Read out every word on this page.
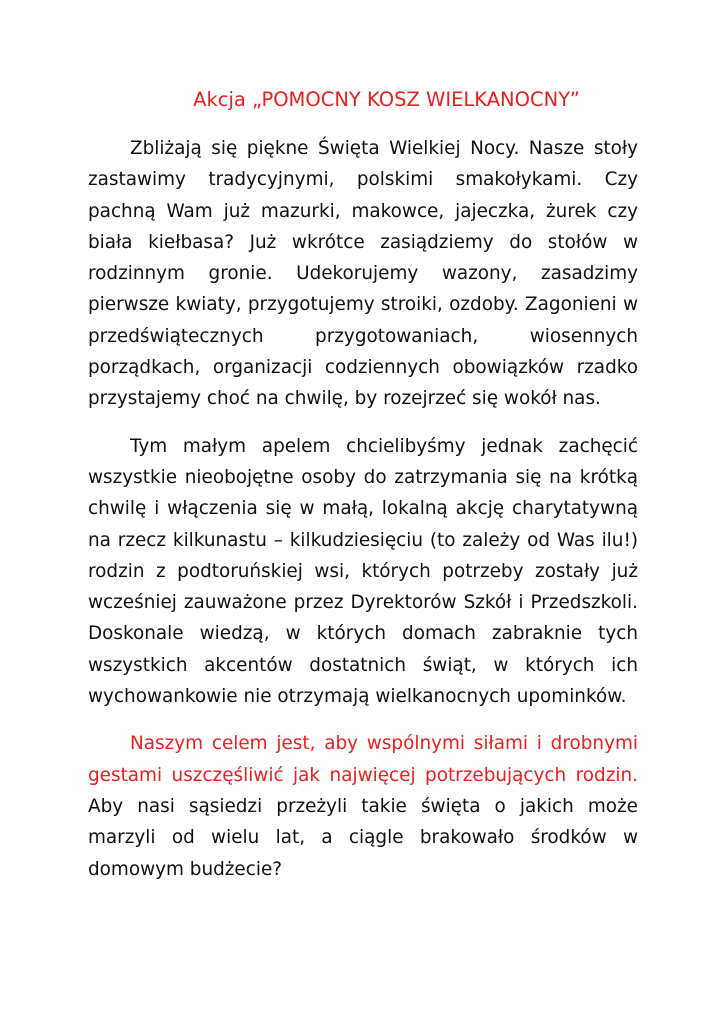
Akcja „POMOCNY KOSZ WIELKANOCNY”

Zbliżają się piękne Święta Wielkiej Nocy. Nasze stoły zastawimy tradycyjnymi, polskimi smakołykami. Czy pachną Wam już mazurki, makowce, jajeczka, żurek czy biała kiełbasa? Już wkrótce zasiądziemy do stołów w rodzinnym gronie. Udekorujemy wazony, zasadzimy pierwsze kwiaty, przygotujemy stroiki, ozdoby. Zagonieni w przedświątecznych przygotowaniach, wiosennych porządkach, organizacji codziennych obowiązków rzadko przystajemy choć na chwilę, by rozejrzeć się wokół nas.

Tym małym apelem chcielibyśmy jednak zachęcić wszystkie nieobojętne osoby do zatrzymania się na krótką chwilę i włączenia się w małą, lokalną akcję charytatywną na rzecz kilkunastu – kilkudziesięciu (to zależy od Was ilu!) rodzin z podtoruńskiej wsi, których potrzeby zostały już wcześniej zauważone przez Dyrektorów Szkół i Przedszkoli. Doskonale wiedzą, w których domach zabraknie tych wszystkich akcentów dostatnich świąt, w których ich wychowankowie nie otrzymają wielkanocnych upominków.

Naszym celem jest, aby wspólnymi siłami i drobnymi gestami uszczęśliwić jak najwięcej potrzebujących rodzin. Aby nasi sąsiedzi przeżyli takie święta o jakich może marzyli od wielu lat, a ciągle brakowało środków w domowym budżecie?
